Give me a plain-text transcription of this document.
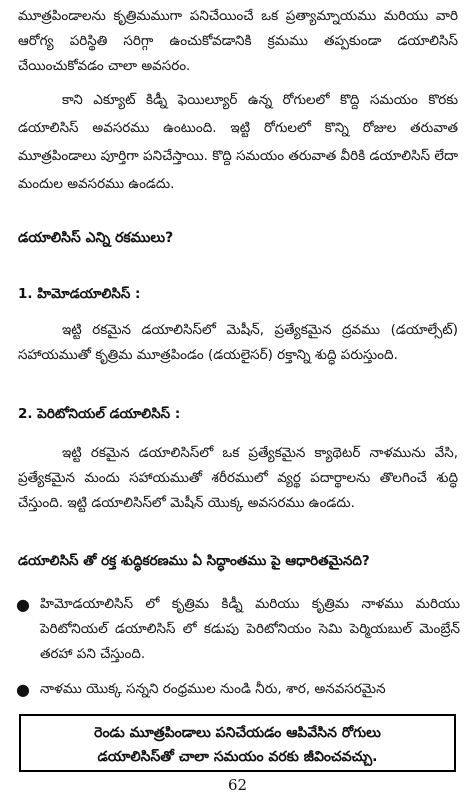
మూత్రపిండాలను కృత్రిమముగా పనిచేయించే ఒక ప్రత్యామ్నాయము మరియు వారి ఆరోగ్య పరిస్థితి సరిగ్గా ఉంచుకోవడానికి క్రమము తప్పకుండా డయాలిసిస్ చేయించుకోవడం చాలా అవసరం.

కాని ఎక్యూట్ కిడ్నీ ఫెయిల్యూర్ ఉన్న రోగులలో కొద్ది సమయం కొరకు డయాలిసిస్ అవసరము ఉంటుంది. ఇట్టి రోగులలో కొన్ని రోజుల తరువాత మూత్రపిండాలు పూర్తిగా పనిచేస్తాయి. కొద్ది సమయం తరువాత వీరికి డయాలిసిస్ లేదా మందుల అవసరము ఉండదు.

డయాలిసిస్ ఎన్ని రకములు?
1. హిమోడయాలిసిస్ :

ఇట్టి రకమైన డయాలిసిస్‌లో మెషీన్, ప్రత్యేకమైన ద్రవము (డయాల్సేట్) సహాయముతో కృత్రిమ మూత్రపిండం (డయలైసర్) రక్తాన్ని శుద్ధి పరుస్తుంది.

2. పెరిటోనియల్ డయాలిసిస్ :

ఇట్టి రకమైన డయాలిసిస్‌లో ఒక ప్రత్యేకమైన క్యాథెటర్ నాళమును వేసి, ప్రత్యేకమైన మందు సహాయముతో శరీరములో వ్యర్థ పదార్థాలను తొలగించే శుద్ధి చేస్తుంది. ఇట్టి డయాలిసిస్‌లో మెషీన్ యొక్క అవసరము ఉండదు.

డయాలిసిస్ తో రక్త శుద్ధికరణము ఏ సిద్ధాంతము పై ఆధారితమైనది?
● హిమోడయాలిసిస్ లో కృత్రిమ కిడ్నీ మరియు కృత్రిమ నాళము మరియు పెరిటోనియల్ డయాలిసిస్ లో కడుపు పెరిటోనియం సెమి పెర్మియబుల్ మెంబ్రేన్ తరహా పని చేస్తుంది.
● నాళము యొక్క సన్నని రంధ్రముల నుండి నీరు, శార, అనవసరమైన
రెండు మూత్రపిండాలు పనిచేయడం ఆపివేసిన రోగులు
డయాలిసిస్‌తో చాలా సమయం వరకు జీవించవచ్చు.
62
